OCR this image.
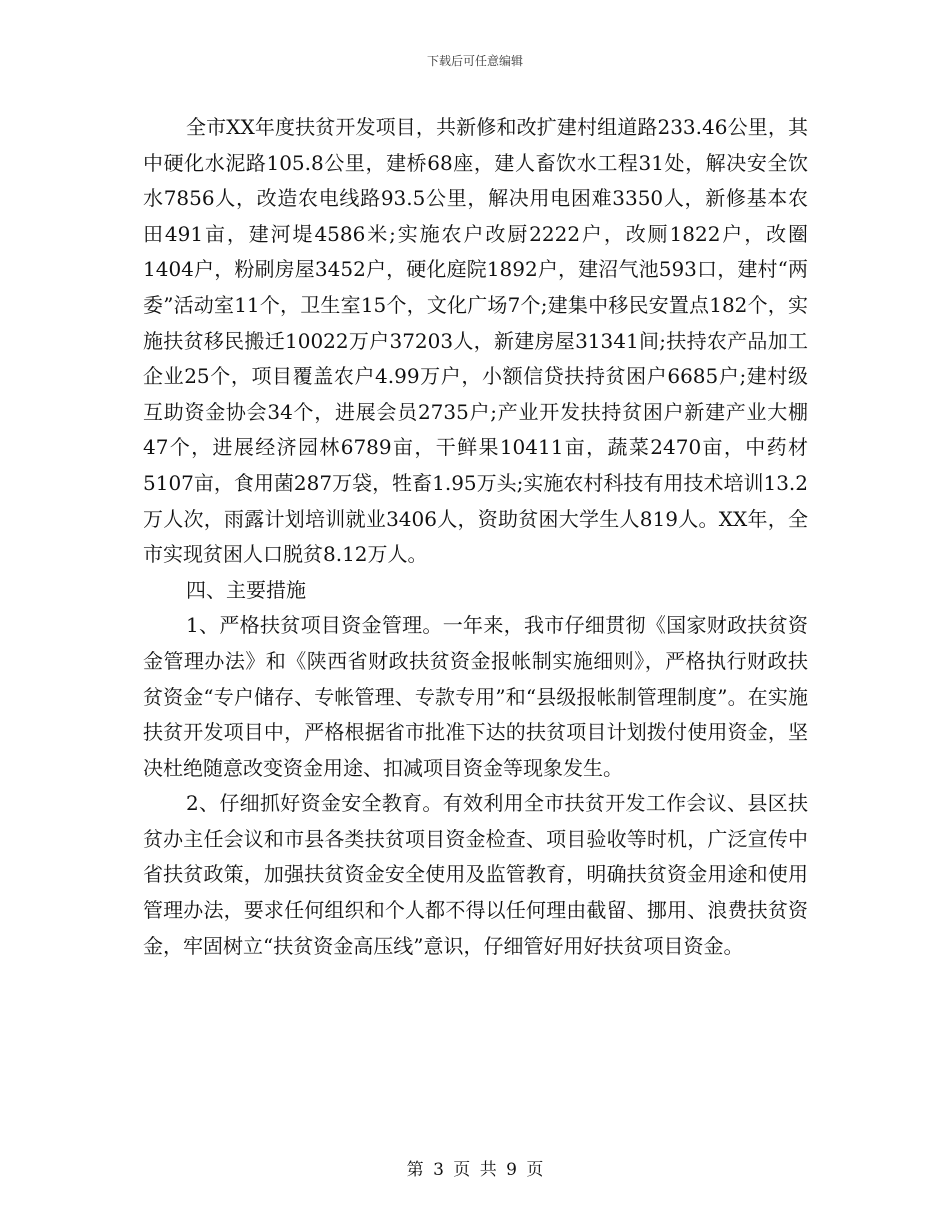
下载后可任意编辑

全市XX年度扶贫开发项目，共新修和改扩建村组道路233.46公里，其中硬化水泥路105.8公里，建桥68座，建人畜饮水工程31处，解决安全饮水7856人，改造农电线路93.5公里，解决用电困难3350人，新修基本农田491亩，建河堤4586米;实施农户改厨2222户，改厕1822户，改圈1404户，粉刷房屋3452户，硬化庭院1892户，建沼气池593口，建村“两委”活动室11个，卫生室15个，文化广场7个;建集中移民安置点182个，实施扶贫移民搬迁10022万户37203人，新建房屋31341间;扶持农产品加工企业25个，项目覆盖农户4.99万户，小额信贷扶持贫困户6685户;建村级互助资金协会34个，进展会员2735户;产业开发扶持贫困户新建产业大棚47个，进展经济园林6789亩，干鲜果10411亩，蔬菜2470亩，中药材5107亩，食用菌287万袋，牲畜1.95万头;实施农村科技有用技术培训13.2万人次，雨露计划培训就业3406人，资助贫困大学生人819人。XX年，全市实现贫困人口脱贫8.12万人。

四、主要措施

1、严格扶贫项目资金管理。一年来，我市仔细贯彻《国家财政扶贫资金管理办法》和《陕西省财政扶贫资金报帐制实施细则》，严格执行财政扶贫资金“专户储存、专帐管理、专款专用”和“县级报帐制管理制度”。在实施扶贫开发项目中，严格根据省市批准下达的扶贫项目计划拨付使用资金，坚决杜绝随意改变资金用途、扣减项目资金等现象发生。

2、仔细抓好资金安全教育。有效利用全市扶贫开发工作会议、县区扶贫办主任会议和市县各类扶贫项目资金检查、项目验收等时机，广泛宣传中省扶贫政策，加强扶贫资金安全使用及监管教育，明确扶贫资金用途和使用管理办法，要求任何组织和个人都不得以任何理由截留、挪用、浪费扶贫资金，牢固树立“扶贫资金高压线”意识，仔细管好用好扶贫项目资金。

第 3 页 共 9 页
